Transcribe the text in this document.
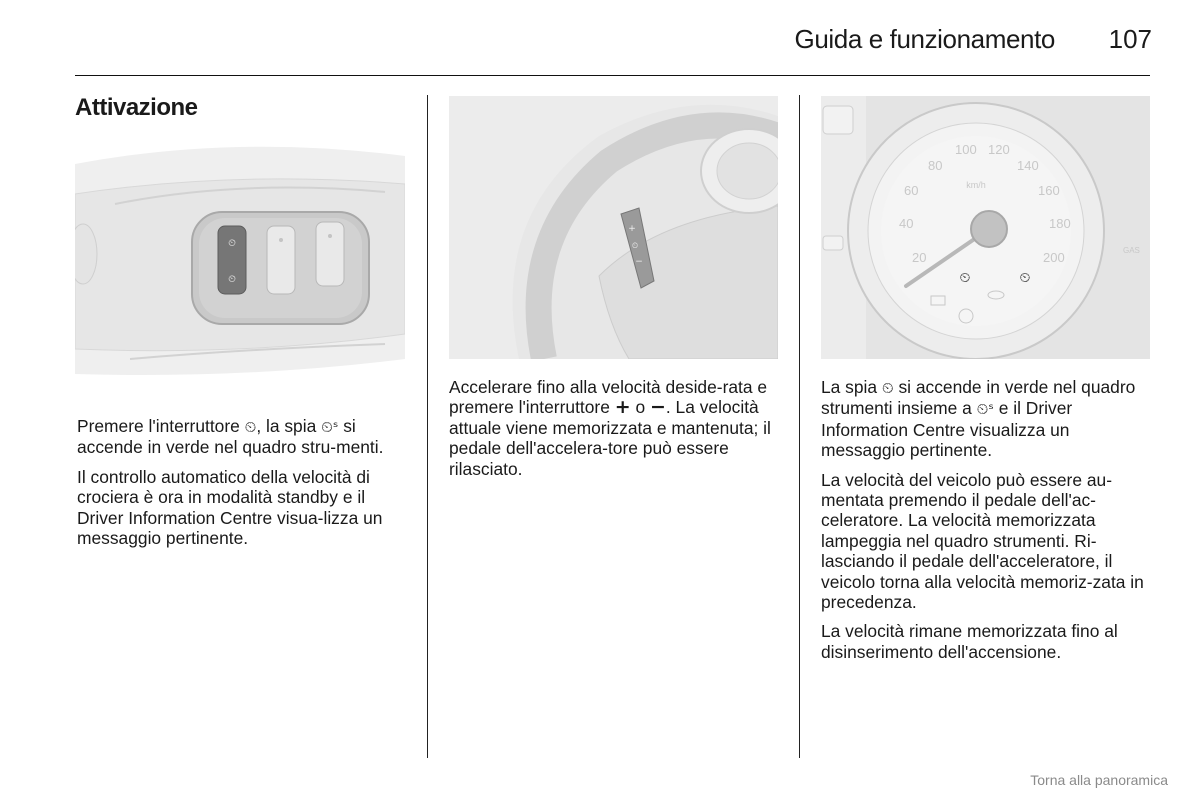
Guida e funzionamento	107
Attivazione
⏲
⏲

Premere l'interruttore ⏲, la spia ⏲ˢ si accende in verde nel quadro stru-menti.

Il controllo automatico della velocità di crociera è ora in modalità standby e il Driver Information Centre visua-lizza un messaggio pertinente.

+
⏲
−

Accelerare fino alla velocità deside-rata e premere l'interruttore + o −. La velocità attuale viene memorizzata e mantenuta; il pedale dell'accelera-tore può essere rilasciato.

20
40
60
80
100 120
140
160
180
200
km/h
GAS
⏲	⏲

La spia ⏲ si accende in verde nel quadro strumenti insieme a ⏲ˢ e il Driver Information Centre visualizza un messaggio pertinente.

La velocità del veicolo può essere au-mentata premendo il pedale dell'ac-celeratore. La velocità memorizzata lampeggia nel quadro strumenti. Ri-lasciando il pedale dell'acceleratore, il veicolo torna alla velocità memoriz-zata in precedenza.

La velocità rimane memorizzata fino al disinserimento dell'accensione.

Torna alla panoramica
